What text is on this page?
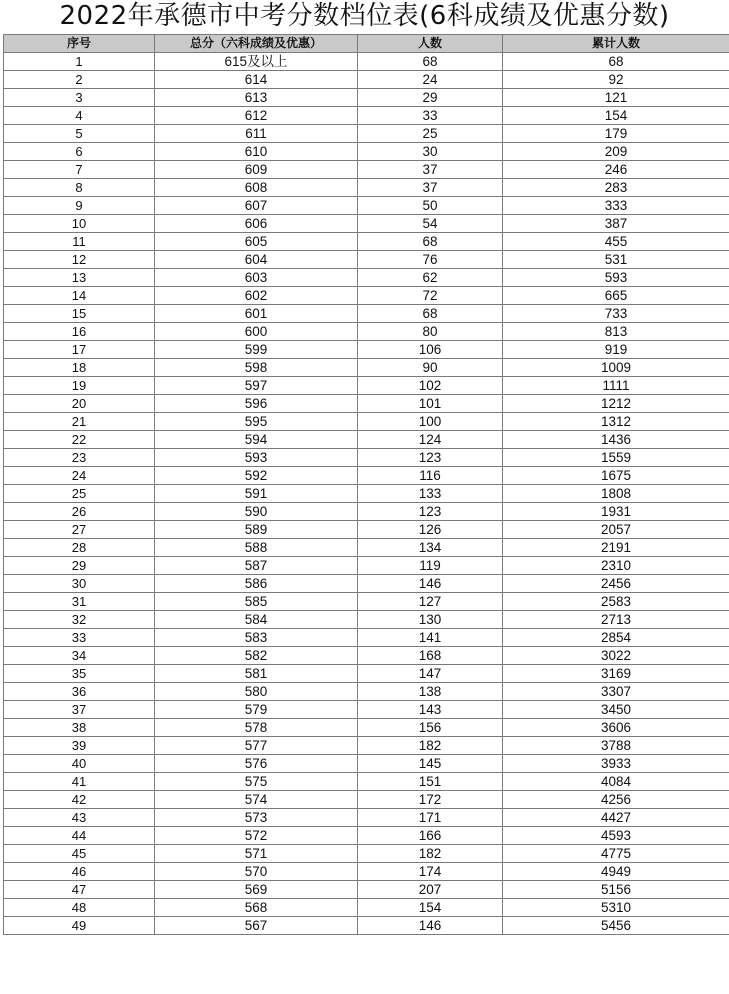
2022年承德市中考分数档位表(6科成绩及优惠分数)
序号	总分（六科成绩及优惠）	人数	累计人数
1	615及以上	68	68
2	614	24	92
3	613	29	121
4	612	33	154
5	611	25	179
6	610	30	209
7	609	37	246
8	608	37	283
9	607	50	333
10	606	54	387
11	605	68	455
12	604	76	531
13	603	62	593
14	602	72	665
15	601	68	733
16	600	80	813
17	599	106	919
18	598	90	1009
19	597	102	1111
20	596	101	1212
21	595	100	1312
22	594	124	1436
23	593	123	1559
24	592	116	1675
25	591	133	1808
26	590	123	1931
27	589	126	2057
28	588	134	2191
29	587	119	2310
30	586	146	2456
31	585	127	2583
32	584	130	2713
33	583	141	2854
34	582	168	3022
35	581	147	3169
36	580	138	3307
37	579	143	3450
38	578	156	3606
39	577	182	3788
40	576	145	3933
41	575	151	4084
42	574	172	4256
43	573	171	4427
44	572	166	4593
45	571	182	4775
46	570	174	4949
47	569	207	5156
48	568	154	5310
49	567	146	5456
